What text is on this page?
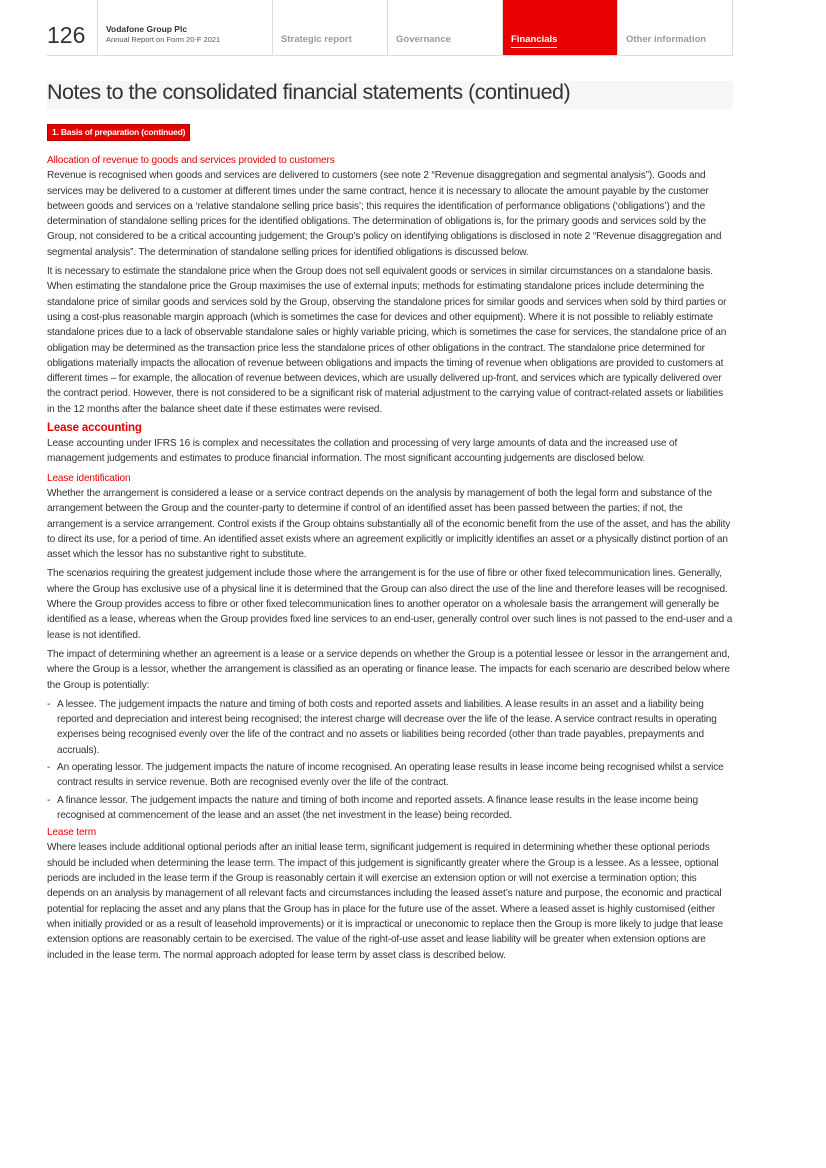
126	Vodafone Group Plc
Annual Report on Form 20-F 2021	Strategic report	Governance	Financials	Other information
Notes to the consolidated financial statements (continued)
1. Basis of preparation (continued)
Allocation of revenue to goods and services provided to customers

Revenue is recognised when goods and services are delivered to customers (see note 2 “Revenue disaggregation and segmental analysis”). Goods and services may be delivered to a customer at different times under the same contract, hence it is necessary to allocate the amount payable by the customer between goods and services on a ‘relative standalone selling price basis’; this requires the identification of performance obligations (‘obligations’) and the determination of standalone selling prices for the identified obligations. The determination of obligations is, for the primary goods and services sold by the Group, not considered to be a critical accounting judgement; the Group’s policy on identifying obligations is disclosed in note 2 “Revenue disaggregation and segmental analysis”. The determination of standalone selling prices for identified obligations is discussed below.

It is necessary to estimate the standalone price when the Group does not sell equivalent goods or services in similar circumstances on a standalone basis. When estimating the standalone price the Group maximises the use of external inputs; methods for estimating standalone prices include determining the standalone price of similar goods and services sold by the Group, observing the standalone prices for similar goods and services when sold by third parties or using a cost-plus reasonable margin approach (which is sometimes the case for devices and other equipment). Where it is not possible to reliably estimate standalone prices due to a lack of observable standalone sales or highly variable pricing, which is sometimes the case for services, the standalone price of an obligation may be determined as the transaction price less the standalone prices of other obligations in the contract. The standalone price determined for obligations materially impacts the allocation of revenue between obligations and impacts the timing of revenue when obligations are provided to customers at different times – for example, the allocation of revenue between devices, which are usually delivered up-front, and services which are typically delivered over the contract period. However, there is not considered to be a significant risk of material adjustment to the carrying value of contract-related assets or liabilities in the 12 months after the balance sheet date if these estimates were revised.

Lease accounting

Lease accounting under IFRS 16 is complex and necessitates the collation and processing of very large amounts of data and the increased use of management judgements and estimates to produce financial information. The most significant accounting judgements are disclosed below.

Lease identification

Whether the arrangement is considered a lease or a service contract depends on the analysis by management of both the legal form and substance of the arrangement between the Group and the counter-party to determine if control of an identified asset has been passed between the parties; if not, the arrangement is a service arrangement. Control exists if the Group obtains substantially all of the economic benefit from the use of the asset, and has the ability to direct its use, for a period of time. An identified asset exists where an agreement explicitly or implicitly identifies an asset or a physically distinct portion of an asset which the lessor has no substantive right to substitute.

The scenarios requiring the greatest judgement include those where the arrangement is for the use of fibre or other fixed telecommunication lines. Generally, where the Group has exclusive use of a physical line it is determined that the Group can also direct the use of the line and therefore leases will be recognised. Where the Group provides access to fibre or other fixed telecommunication lines to another operator on a wholesale basis the arrangement will generally be identified as a lease, whereas when the Group provides fixed line services to an end-user, generally control over such lines is not passed to the end-user and a lease is not identified.

The impact of determining whether an agreement is a lease or a service depends on whether the Group is a potential lessee or lessor in the arrangement and, where the Group is a lessor, whether the arrangement is classified as an operating or finance lease. The impacts for each scenario are described below where the Group is potentially:

- A lessee. The judgement impacts the nature and timing of both costs and reported assets and liabilities. A lease results in an asset and a liability being reported and depreciation and interest being recognised; the interest charge will decrease over the life of the lease. A service contract results in operating expenses being recognised evenly over the life of the contract and no assets or liabilities being recorded (other than trade payables, prepayments and accruals).
- An operating lessor. The judgement impacts the nature of income recognised. An operating lease results in lease income being recognised whilst a service contract results in service revenue. Both are recognised evenly over the life of the contract.
- A finance lessor. The judgement impacts the nature and timing of both income and reported assets. A finance lease results in the lease income being recognised at commencement of the lease and an asset (the net investment in the lease) being recorded.
Lease term

Where leases include additional optional periods after an initial lease term, significant judgement is required in determining whether these optional periods should be included when determining the lease term. The impact of this judgement is significantly greater where the Group is a lessee. As a lessee, optional periods are included in the lease term if the Group is reasonably certain it will exercise an extension option or will not exercise a termination option; this depends on an analysis by management of all relevant facts and circumstances including the leased asset’s nature and purpose, the economic and practical potential for replacing the asset and any plans that the Group has in place for the future use of the asset. Where a leased asset is highly customised (either when initially provided or as a result of leasehold improvements) or it is impractical or uneconomic to replace then the Group is more likely to judge that lease extension options are reasonably certain to be exercised. The value of the right-of-use asset and lease liability will be greater when extension options are included in the lease term. The normal approach adopted for lease term by asset class is described below.
